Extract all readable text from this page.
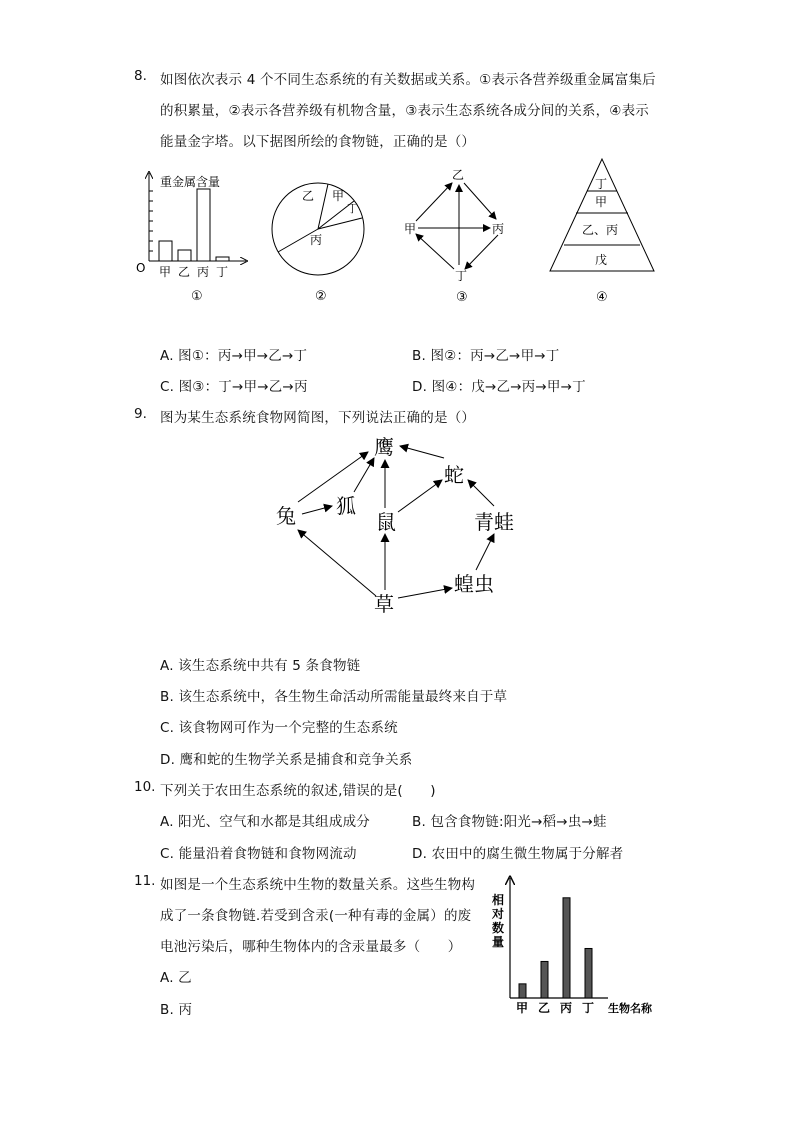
8. 如图依次表示 4 个不同生态系统的有关数据或关系。①表示各营养级重金属富集后
的积累量，②表示各营养级有机物含量，③表示生态系统各成分间的关系，④表示
能量金字塔。以下据图所绘的食物链，正确的是（）
重金属含量
O 甲 乙 丙 丁
①
乙 甲
丁
丙
②
乙
甲	丙
丁
③
丁
甲
乙、丙
戊
④
A. 图①：丙→甲→乙→丁	B. 图②：丙→乙→甲→丁
C. 图③：丁→甲→乙→丙	D. 图④：戊→乙→丙→甲→丁
9. 图为某生态系统食物网简图，下列说法正确的是（）
鹰
蛇
兔 狐
鼠	青蛙
蝗虫
草
A. 该生态系统中共有 5 条食物链
B. 该生态系统中，各生物生命活动所需能量最终来自于草
C. 该食物网可作为一个完整的生态系统
D. 鹰和蛇的生物学关系是捕食和竞争关系
10. 下列关于农田生态系统的叙述,错误的是(　　)
A. 阳光、空气和水都是其组成成分	B. 包含食物链:阳光→稻→虫→蛙
C. 能量沿着食物链和食物网流动	D. 农田中的腐生微生物属于分解者
11. 如图是一个生态系统中生物的数量关系。这些生物构
成了一条食物链.若受到含汞(一种有毒的金属）的废
电池污染后，哪种生物体内的含汞量最多（　　）
A. 乙
B. 丙
相对数量
甲 乙 丙 丁 生物名称
